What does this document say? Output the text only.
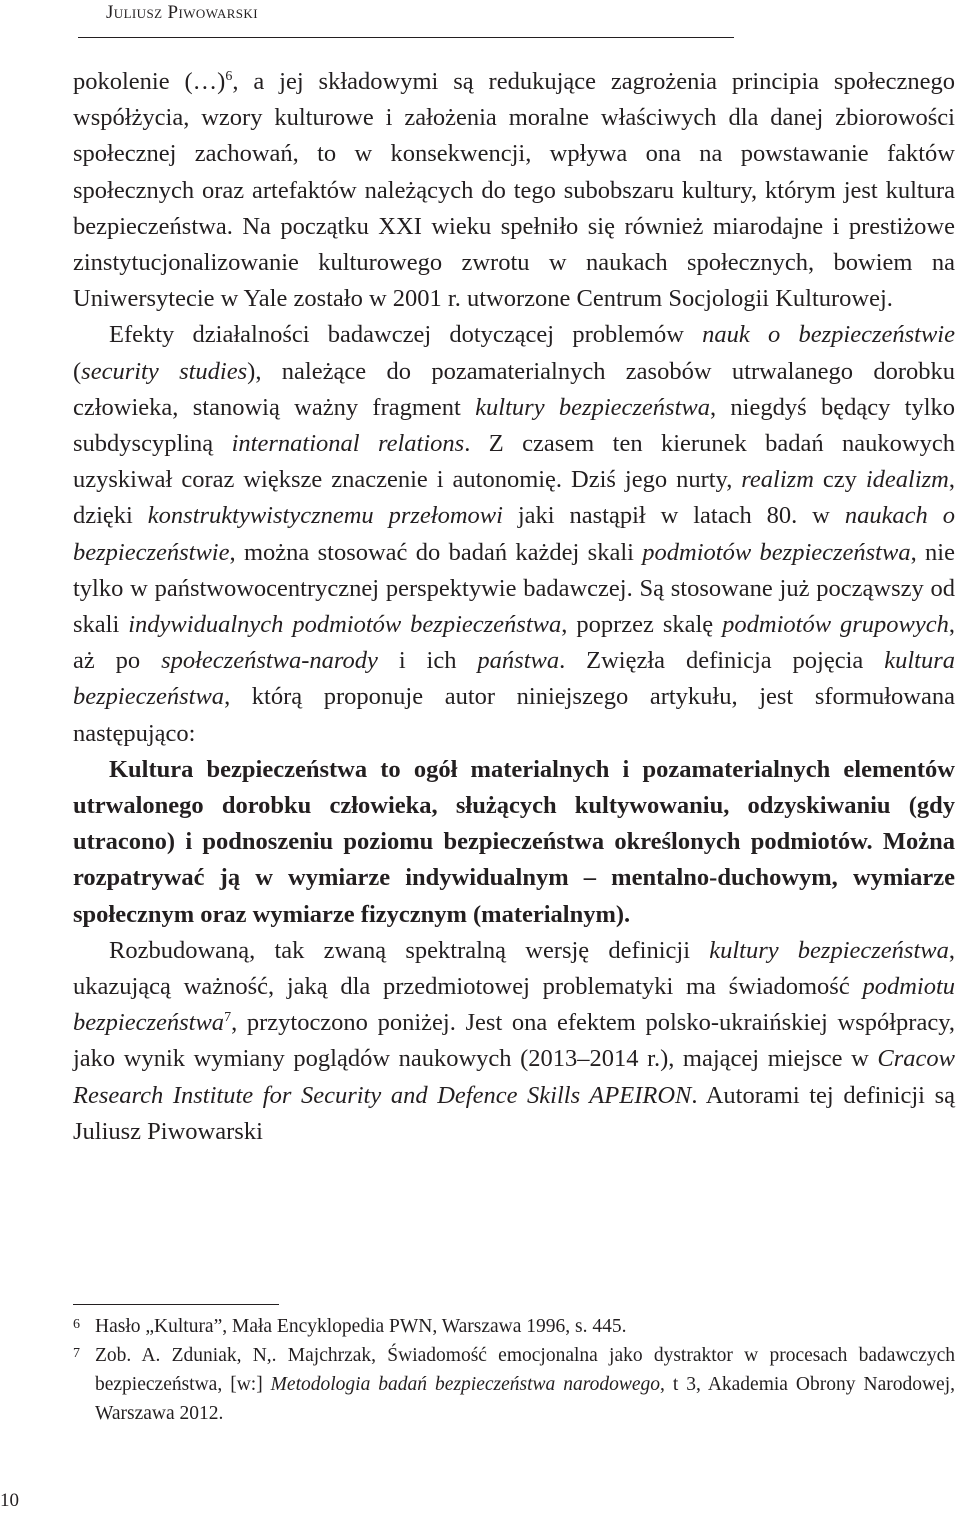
Juliusz Piwowarski

pokolenie (…)$^6$, a jej składowymi są redukujące zagrożenia principia społecznego współżycia, wzory kulturowe i założenia moralne właściwych dla danej zbiorowości społecznej zachowań, to w konsekwencji, wpływa ona na powstawanie faktów społecznych oraz artefaktów należących do tego subobszaru kultury, którym jest kultura bezpieczeństwa. Na początku XXI wieku spełniło się również miarodajne i prestiżowe zinstytucjonalizowanie kulturowego zwrotu w naukach społecznych, bowiem na Uniwersytecie w Yale zostało w 2001 r. utworzone Centrum Socjologii Kulturowej.

Efekty działalności badawczej dotyczącej problemów nauk o bezpieczeństwie (security studies), należące do pozamaterialnych zasobów utrwalanego dorobku człowieka, stanowią ważny fragment kultury bezpieczeństwa, niegdyś będący tylko subdyscypliną international relations. Z czasem ten kierunek badań naukowych uzyskiwał coraz większe znaczenie i autonomię. Dziś jego nurty, realizm czy idealizm, dzięki konstruktywistycznemu przełomowi jaki nastąpił w latach 80. w naukach o bezpieczeństwie, można stosować do badań każdej skali podmiotów bezpieczeństwa, nie tylko w państwowocentrycznej perspektywie badawczej. Są stosowane już począwszy od skali indywidualnych podmiotów bezpieczeństwa, poprzez skalę podmiotów grupowych, aż po społeczeństwa-narody i ich państwa. Zwięzła definicja pojęcia kultura bezpieczeństwa, którą proponuje autor niniejszego artykułu, jest sformułowana następująco:

Kultura bezpieczeństwa to ogół materialnych i pozamaterialnych elementów utrwalonego dorobku człowieka, służących kultywowaniu, odzyskiwaniu (gdy utracono) i podnoszeniu poziomu bezpieczeństwa określonych podmiotów. Można rozpatrywać ją w wymiarze indywidualnym – mentalno-duchowym, wymiarze społecznym oraz wymiarze fizycznym (materialnym).

Rozbudowaną, tak zwaną spektralną wersję definicji kultury bezpieczeństwa, ukazującą ważność, jaką dla przedmiotowej problematyki ma świadomość podmiotu bezpieczeństwa$^7$, przytoczono poniżej. Jest ona efektem polsko-ukraińskiej współpracy, jako wynik wymiany poglądów naukowych (2013–2014 r.), mającej miejsce w Cracow Research Institute for Security and Defence Skills APEIRON. Autorami tej definicji są Juliusz Piwowarski

6 Hasło „Kultura”, Mała Encyklopedia PWN, Warszawa 1996, s. 445.
7 Zob. A. Zduniak, N,. Majchrzak, Świadomość emocjonalna jako dystraktor w procesach badawczych bezpieczeństwa, [w:] Metodologia badań bezpieczeństwa narodowego, t 3, Akademia Obrony Narodowej, Warszawa 2012.
10
